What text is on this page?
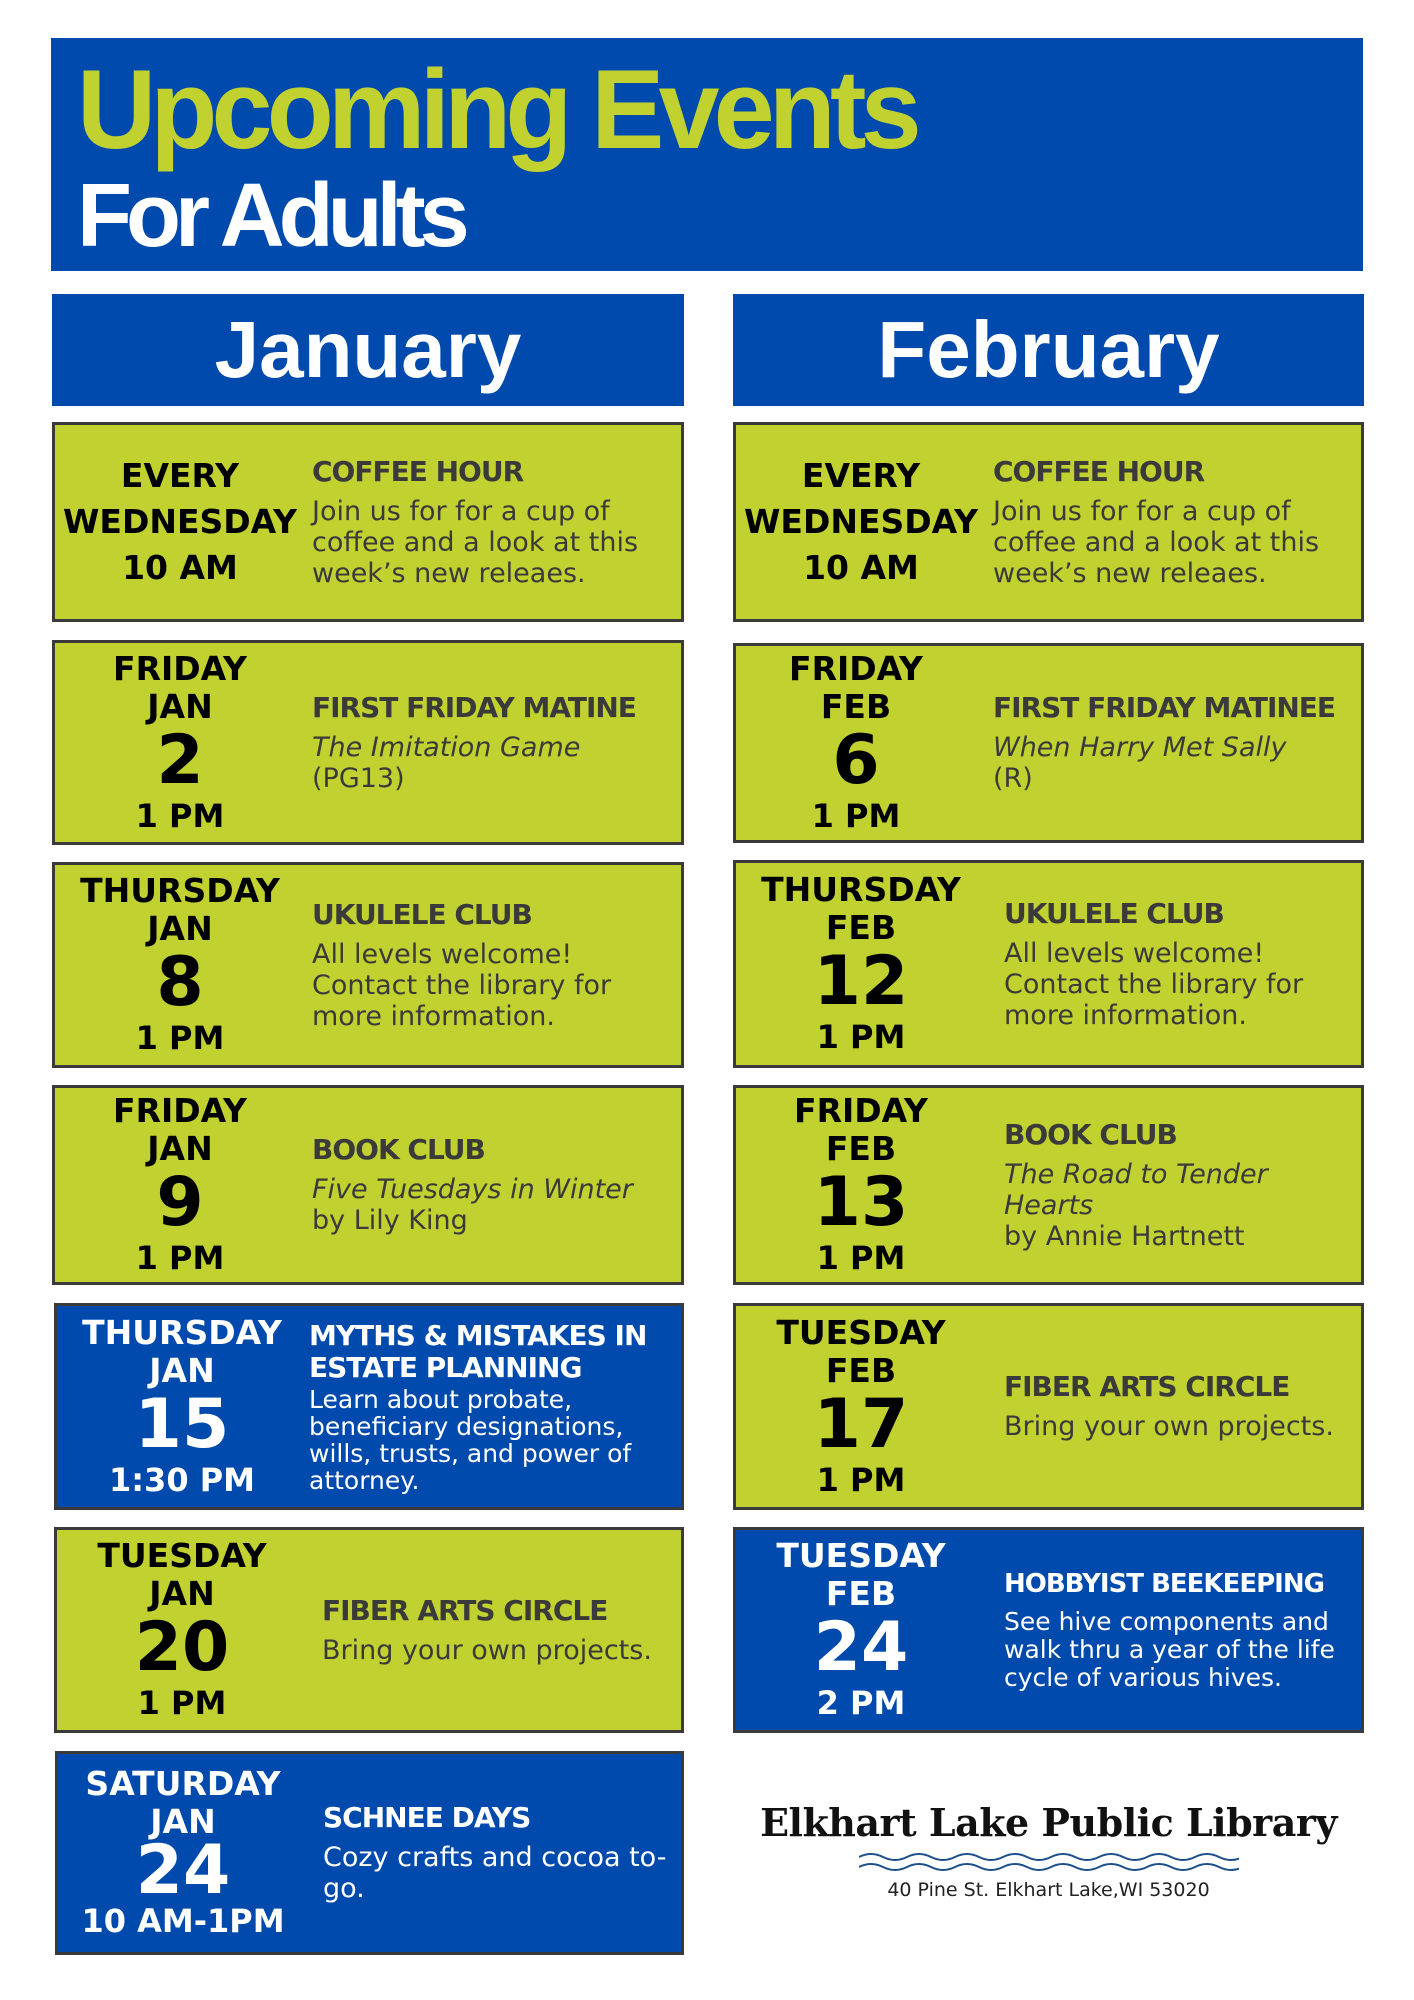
Upcoming Events
For Adults
January	February
EVERY
WEDNESDAY
10 AM
COFFEE HOUR
Join us for for a cup of coffee and a look at this week’s new releaes.
FRIDAY
JAN
2
1 PM
FIRST FRIDAY MATINE
The Imitation Game
(PG13)
THURSDAY
JAN
8
1 PM
UKULELE CLUB
All levels welcome! Contact the library for more information.
FRIDAY
JAN
9
1 PM
BOOK CLUB
Five Tuesdays in Winter by Lily King
THURSDAY
JAN
15
1:30 PM
MYTHS & MISTAKES IN ESTATE PLANNING
Learn about probate, beneficiary designations, wills, trusts, and power of attorney.
TUESDAY
JAN
20
1 PM
FIBER ARTS CIRCLE
Bring your own projects.
SATURDAY
JAN
24
10 AM-1PM
SCHNEE DAYS
Cozy crafts and cocoa to-go.
EVERY
WEDNESDAY
10 AM
COFFEE HOUR
Join us for for a cup of coffee and a look at this week’s new releaes.
FRIDAY
FEB
6
1 PM
FIRST FRIDAY MATINEE
When Harry Met Sally
(R)
THURSDAY
FEB
12
1 PM
UKULELE CLUB
All levels welcome! Contact the library for more information.
FRIDAY
FEB
13
1 PM
BOOK CLUB
The Road to Tender Hearts
by Annie Hartnett
TUESDAY
FEB
17
1 PM
FIBER ARTS CIRCLE
Bring your own projects.
TUESDAY
FEB
24
2 PM
HOBBYIST BEEKEEPING
See hive components and walk thru a year of the life cycle of various hives.
Elkhart Lake Public Library
40 Pine St. Elkhart Lake,WI 53020
